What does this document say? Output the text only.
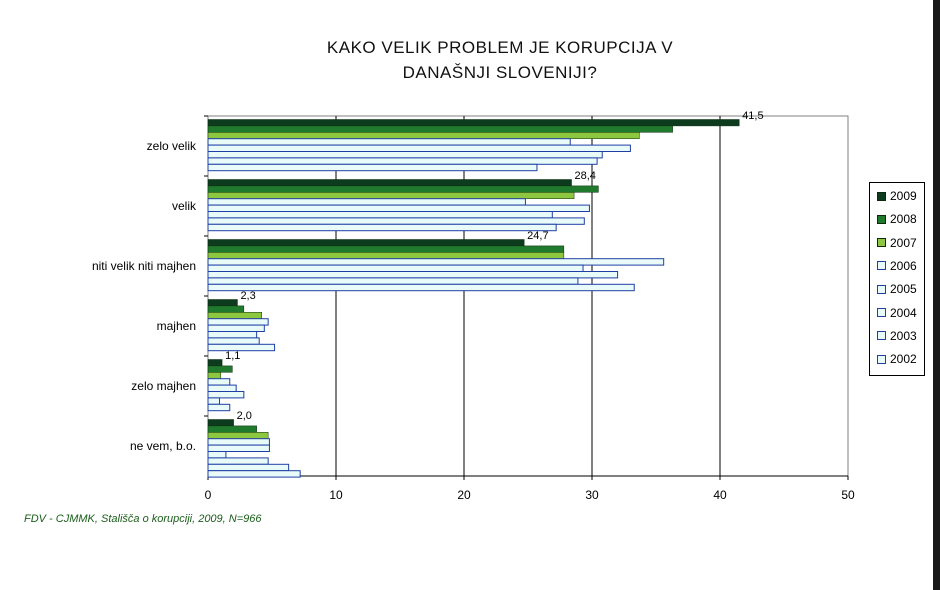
KAKO VELIK PROBLEM JE KORUPCIJA V
DANAŠNJI SLOVENIJI?
0	10	20	30	40	50
zelo velik
velik
niti velik niti majhen
majhen
zelo majhen
ne vem, b.o.
41,5
28,4
24,7
2,3
1,1
2,0
2009
2008
2007
2006
2005
2004
2003
2002
FDV - CJMMK, Stališča o korupciji, 2009, N=966
